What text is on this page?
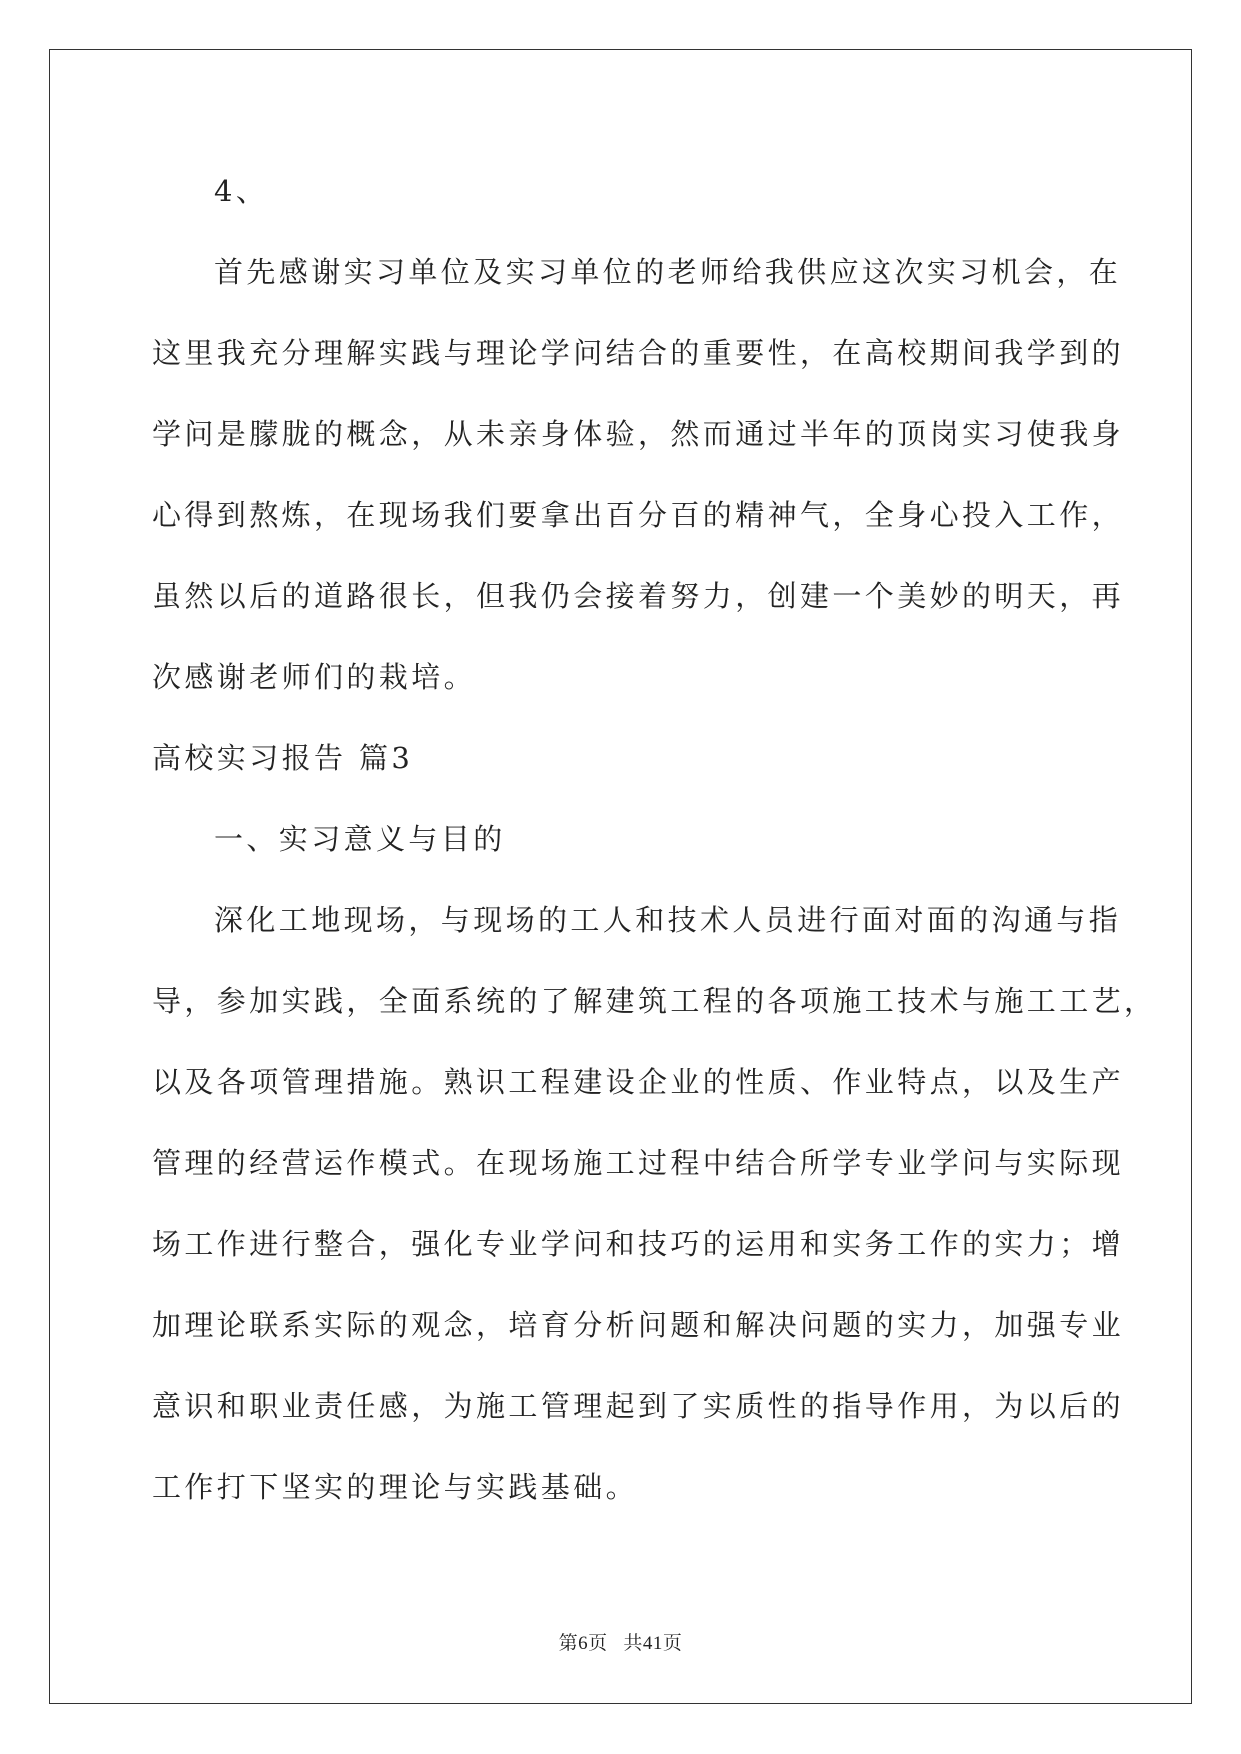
4、
首先感谢实习单位及实习单位的老师给我供应这次实习机会，在
这里我充分理解实践与理论学问结合的重要性，在高校期间我学到的
学问是朦胧的概念，从未亲身体验，然而通过半年的顶岗实习使我身
心得到熬炼，在现场我们要拿出百分百的精神气，全身心投入工作，
虽然以后的道路很长，但我仍会接着努力，创建一个美妙的明天，再
次感谢老师们的栽培。
高校实习报告 篇3
一、实习意义与目的
深化工地现场，与现场的工人和技术人员进行面对面的沟通与指
导，参加实践，全面系统的了解建筑工程的各项施工技术与施工工艺，
以及各项管理措施。熟识工程建设企业的性质、作业特点，以及生产
管理的经营运作模式。在现场施工过程中结合所学专业学问与实际现
场工作进行整合，强化专业学问和技巧的运用和实务工作的实力；增
加理论联系实际的观念，培育分析问题和解决问题的实力，加强专业
意识和职业责任感，为施工管理起到了实质性的指导作用，为以后的
工作打下坚实的理论与实践基础。
第6页   共41页
